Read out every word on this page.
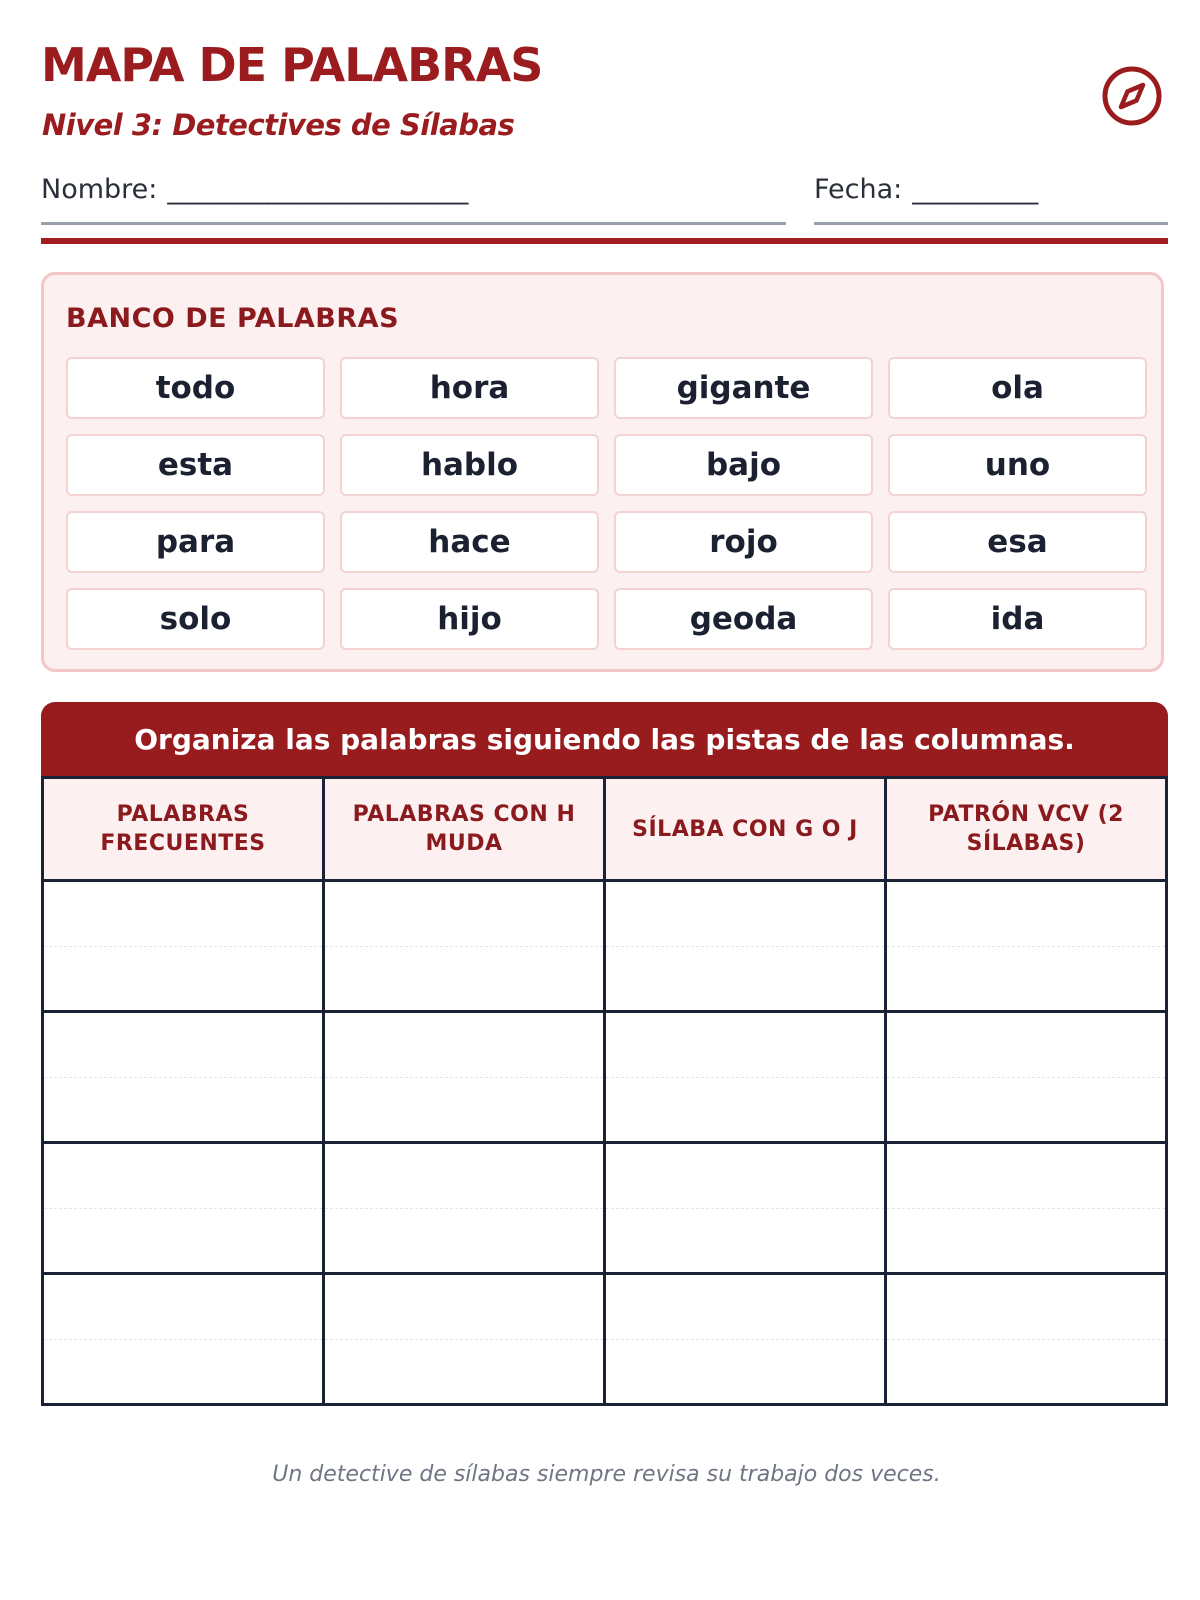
MAPA DE PALABRAS
Nivel 3: Detectives de Sílabas
Nombre: ________________________	Fecha: __________
BANCO DE PALABRAS
todo	hora	gigante	ola
esta	hablo	bajo	uno
para	hace	rojo	esa
solo	hijo	geoda	ida
Organiza las palabras siguiendo las pistas de las columnas.
PALABRAS FRECUENTES	PALABRAS CON H MUDA	SÍLABA CON G O J	PATRÓN VCV (2 SÍLABAS)

Un detective de sílabas siempre revisa su trabajo dos veces.
